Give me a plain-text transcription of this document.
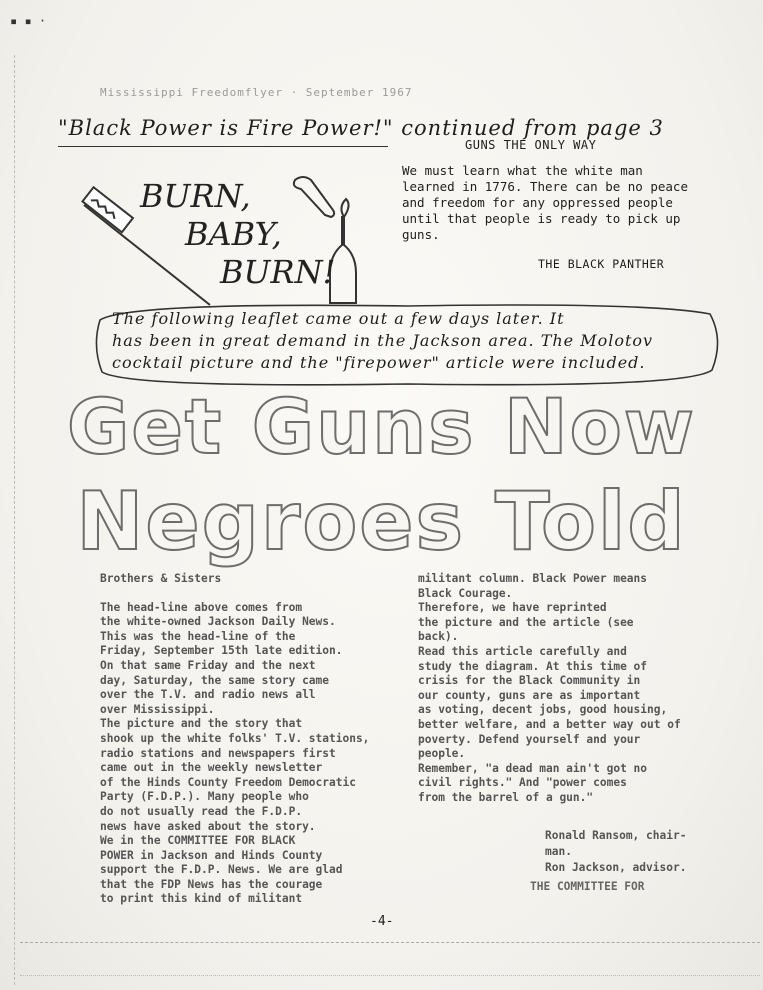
▪ ▪ ·
Mississippi Freedomflyer · September 1967
"Black Power is Fire Power!" continued from page 3
GUNS THE ONLY WAY
We must learn what the white man
learned in 1776. There can be no peace
and freedom for any oppressed people
until that people is ready to pick up
guns.
THE BLACK PANTHER
BURN,
BABY,
BURN!
The following leaflet came out a few days later. It
has been in great demand in the Jackson area. The Molotov
cocktail picture and the "firepower" article were included.
Get Guns Now
Negroes Told
Brothers & Sisters
The head-line above comes from
the white-owned Jackson Daily News.
This was the head-line of the
Friday, September 15th late edition.
On that same Friday and the next
day, Saturday, the same story came
over the T.V. and radio news all
over Mississippi.
The picture and the story that
shook up the white folks' T.V. stations,
radio stations and newspapers first
came out in the weekly newsletter
of the Hinds County Freedom Democratic
Party (F.D.P.). Many people who
do not usually read the F.D.P.
news have asked about the story.
We in the COMMITTEE FOR BLACK
POWER in Jackson and Hinds County
support the F.D.P. News. We are glad
that the FDP News has the courage
to print this kind of militant
militant column. Black Power means
Black Courage.
Therefore, we have reprinted
the picture and the article (see
back).
Read this article carefully and
study the diagram. At this time of
crisis for the Black Community in
our county, guns are as important
as voting, decent jobs, good housing,
better welfare, and a better way out of
poverty. Defend yourself and your
people.
Remember, "a dead man ain't got no
civil rights." And "power comes
from the barrel of a gun."
Ronald Ransom, chair-
man.
Ron Jackson, advisor.
THE COMMITTEE FOR
-4-
